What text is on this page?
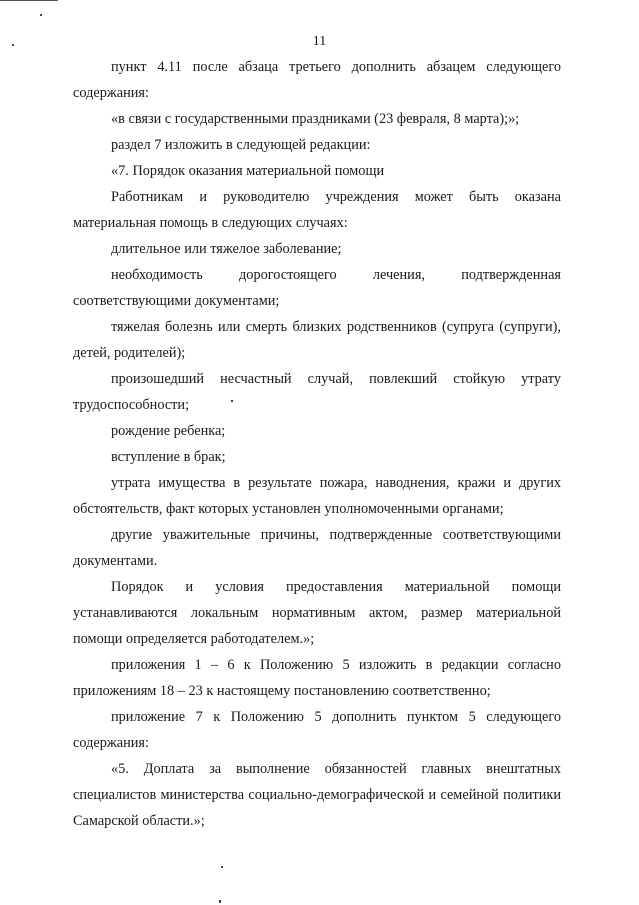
11

пункт 4.11 после абзаца третьего дополнить абзацем следующего содержания:

«в связи с государственными праздниками (23 февраля, 8 марта);»;

раздел 7 изложить в следующей редакции:

«7. Порядок оказания материальной помощи

Работникам и руководителю учреждения может быть оказана материальная помощь в следующих случаях:

длительное или тяжелое заболевание;

необходимость дорогостоящего лечения, подтвержденная соответствующими документами;

тяжелая болезнь или смерть близких родственников (супруга (супруги), детей, родителей);

произошедший несчастный случай, повлекший стойкую утрату трудоспособности;

рождение ребенка;

вступление в брак;

утрата имущества в результате пожара, наводнения, кражи и других обстоятельств, факт которых установлен уполномоченными органами;

другие уважительные причины, подтвержденные соответствующими документами.

Порядок и условия предоставления материальной помощи устанавливаются локальным нормативным актом, размер материальной помощи определяется работодателем.»;

приложения 1 – 6 к Положению 5 изложить в редакции согласно приложениям 18 – 23 к настоящему постановлению соответственно;

приложение 7 к Положению 5 дополнить пунктом 5 следующего содержания:

«5. Доплата за выполнение обязанностей главных внештатных специалистов министерства социально-демографической и семейной политики Самарской области.»;
